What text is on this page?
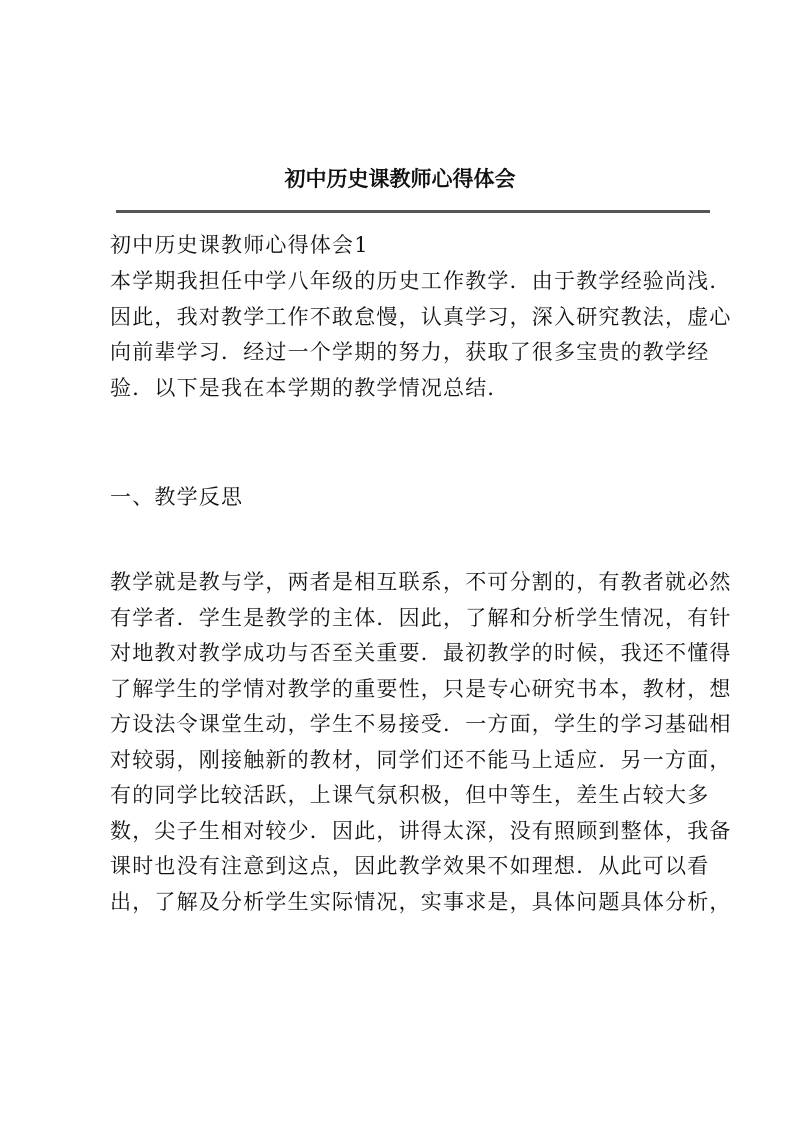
初中历史课教师心得体会
初中历史课教师心得体会1
本学期我担任中学八年级的历史工作教学．由于教学经验尚浅．
因此，我对教学工作不敢怠慢，认真学习，深入研究教法，虚心
向前辈学习．经过一个学期的努力，获取了很多宝贵的教学经
验．以下是我在本学期的教学情况总结．
一、教学反思
教学就是教与学，两者是相互联系，不可分割的，有教者就必然
有学者．学生是教学的主体．因此，了解和分析学生情况，有针
对地教对教学成功与否至关重要．最初教学的时候，我还不懂得
了解学生的学情对教学的重要性，只是专心研究书本，教材，想
方设法令课堂生动，学生不易接受．一方面，学生的学习基础相
对较弱，刚接触新的教材，同学们还不能马上适应．另一方面，
有的同学比较活跃，上课气氛积极，但中等生，差生占较大多
数，尖子生相对较少．因此，讲得太深，没有照顾到整体，我备
课时也没有注意到这点，因此教学效果不如理想．从此可以看
出，了解及分析学生实际情况，实事求是，具体问题具体分析，
